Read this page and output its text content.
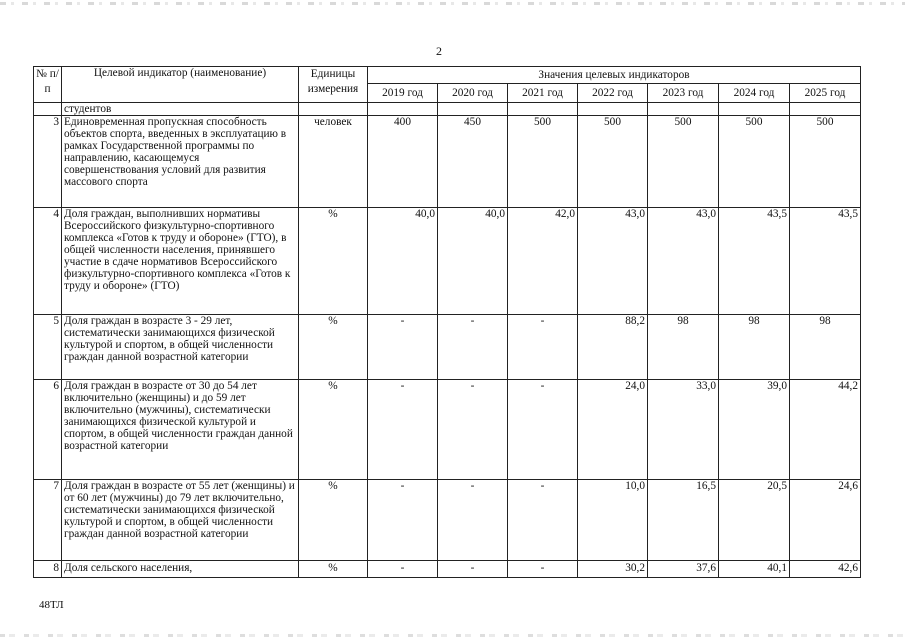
2
№ п/п	Целевой индикатор (наименование)	Единицы измерения	Значения целевых индикаторов						
			2019 год	2020 год	2021 год	2022 год	2023 год	2024 год	2025 год
	студентов								
3	Единовременная пропускная способность объектов спорта, введенных в эксплуатацию в рамках Государственной программы по направлению, касающемуся совершенствования условий для развития массового спорта	человек	400	450	500	500	500	500	500
4	Доля граждан, выполнивших нормативы Всероссийского физкультурно-спортивного комплекса «Готов к труду и обороне» (ГТО), в общей численности населения, принявшего участие в сдаче нормативов Всероссийского физкультурно-спортивного комплекса «Готов к труду и обороне» (ГТО)	%	40,0	40,0	42,0	43,0	43,0	43,5	43,5
5	Доля граждан в возрасте 3 - 29 лет, систематически занимающихся физической культурой и спортом, в общей численности граждан данной возрастной категории	%	-	-	-	88,2	98	98	98
6	Доля граждан в возрасте от 30 до 54 лет включительно (женщины) и до 59 лет включительно (мужчины), систематически занимающихся физической культурой и спортом, в общей численности граждан данной возрастной категории	%	-	-	-	24,0	33,0	39,0	44,2
7	Доля граждан в возрасте от 55 лет (женщины) и от 60 лет (мужчины) до 79 лет включительно, систематически занимающихся физической культурой и спортом, в общей численности граждан данной возрастной категории	%	-	-	-	10,0	16,5	20,5	24,6
8	Доля сельского населения,	%	-	-	-	30,2	37,6	40,1	42,6
48ТЛ
